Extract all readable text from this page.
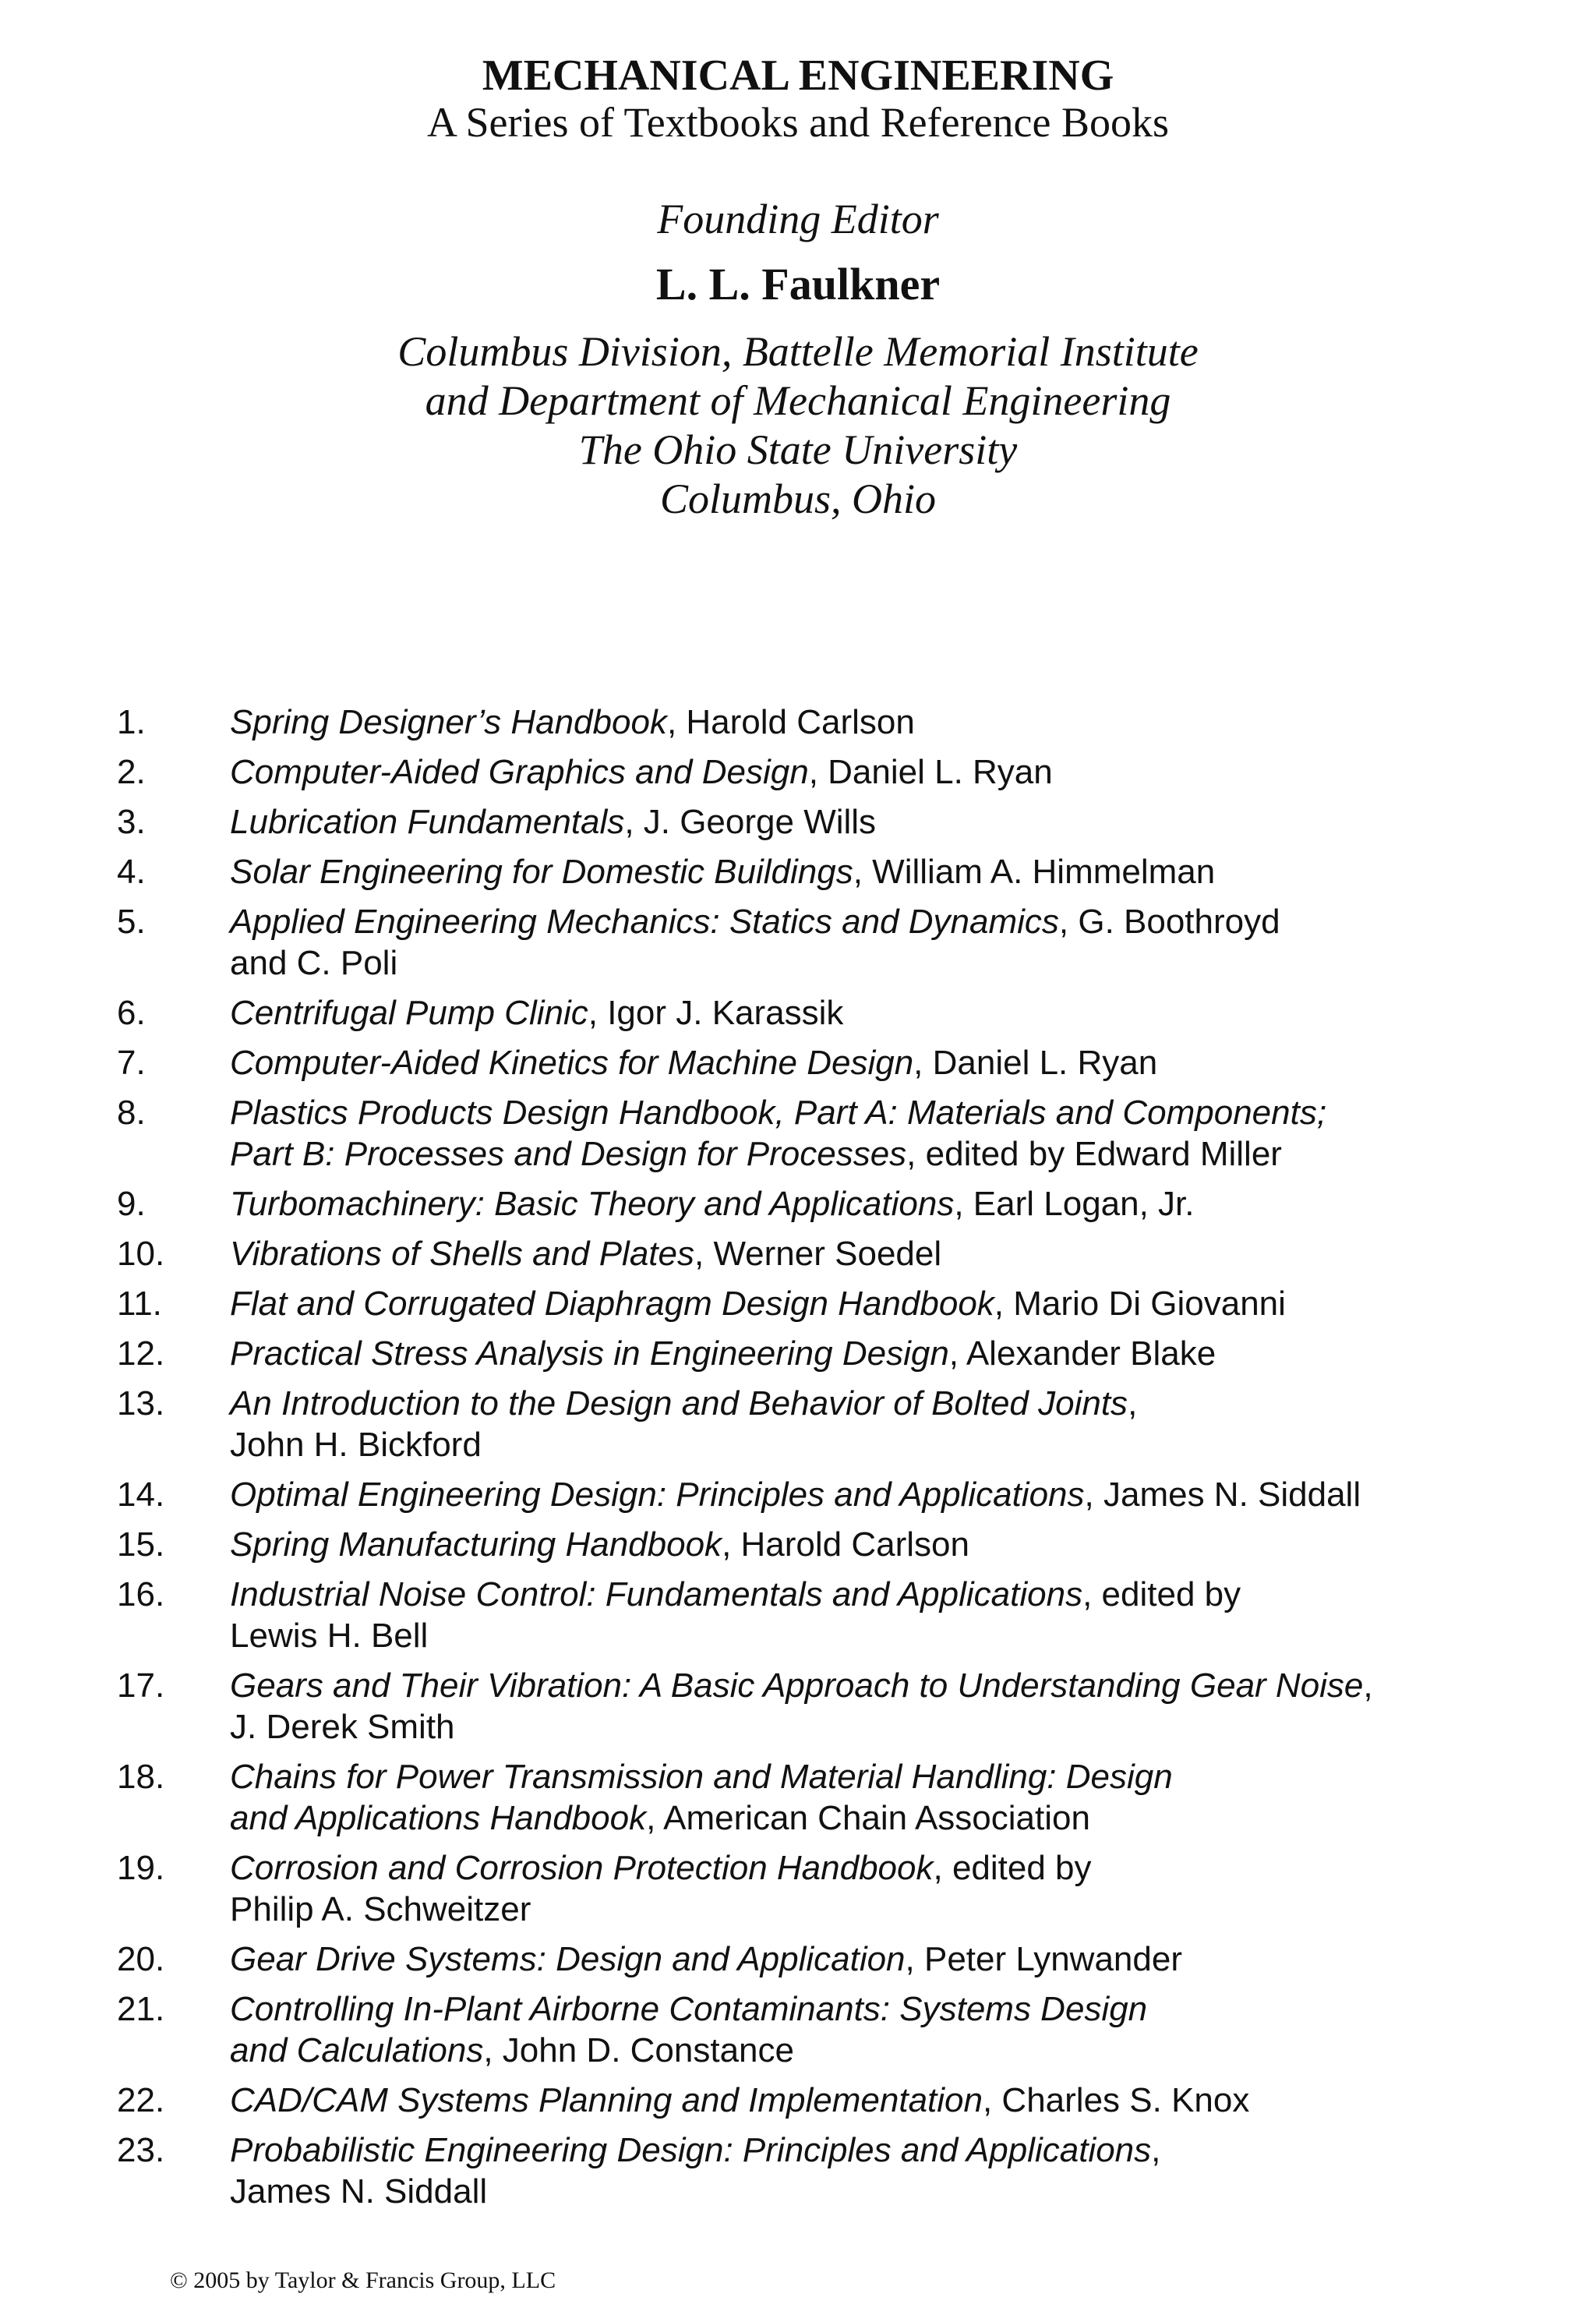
MECHANICAL ENGINEERING
A Series of Textbooks and Reference Books
Founding Editor
L. L. Faulkner
Columbus Division, Battelle Memorial Institute
and Department of Mechanical Engineering
The Ohio State University
Columbus, Ohio
1. Spring Designer’s Handbook, Harold Carlson
2. Computer-Aided Graphics and Design, Daniel L. Ryan
3. Lubrication Fundamentals, J. George Wills
4. Solar Engineering for Domestic Buildings, William A. Himmelman
5. Applied Engineering Mechanics: Statics and Dynamics, G. Boothroyd
and C. Poli
6. Centrifugal Pump Clinic, Igor J. Karassik
7. Computer-Aided Kinetics for Machine Design, Daniel L. Ryan
8. Plastics Products Design Handbook, Part A: Materials and Components;
Part B: Processes and Design for Processes, edited by Edward Miller
9. Turbomachinery: Basic Theory and Applications, Earl Logan, Jr.
10. Vibrations of Shells and Plates, Werner Soedel
11. Flat and Corrugated Diaphragm Design Handbook, Mario Di Giovanni
12. Practical Stress Analysis in Engineering Design, Alexander Blake
13. An Introduction to the Design and Behavior of Bolted Joints,
John H. Bickford
14. Optimal Engineering Design: Principles and Applications, James N. Siddall
15. Spring Manufacturing Handbook, Harold Carlson
16. Industrial Noise Control: Fundamentals and Applications, edited by
Lewis H. Bell
17. Gears and Their Vibration: A Basic Approach to Understanding Gear Noise,
J. Derek Smith
18. Chains for Power Transmission and Material Handling: Design
and Applications Handbook, American Chain Association
19. Corrosion and Corrosion Protection Handbook, edited by
Philip A. Schweitzer
20. Gear Drive Systems: Design and Application, Peter Lynwander
21. Controlling In-Plant Airborne Contaminants: Systems Design
and Calculations, John D. Constance
22. CAD/CAM Systems Planning and Implementation, Charles S. Knox
23. Probabilistic Engineering Design: Principles and Applications,
James N. Siddall
© 2005 by Taylor & Francis Group, LLC
